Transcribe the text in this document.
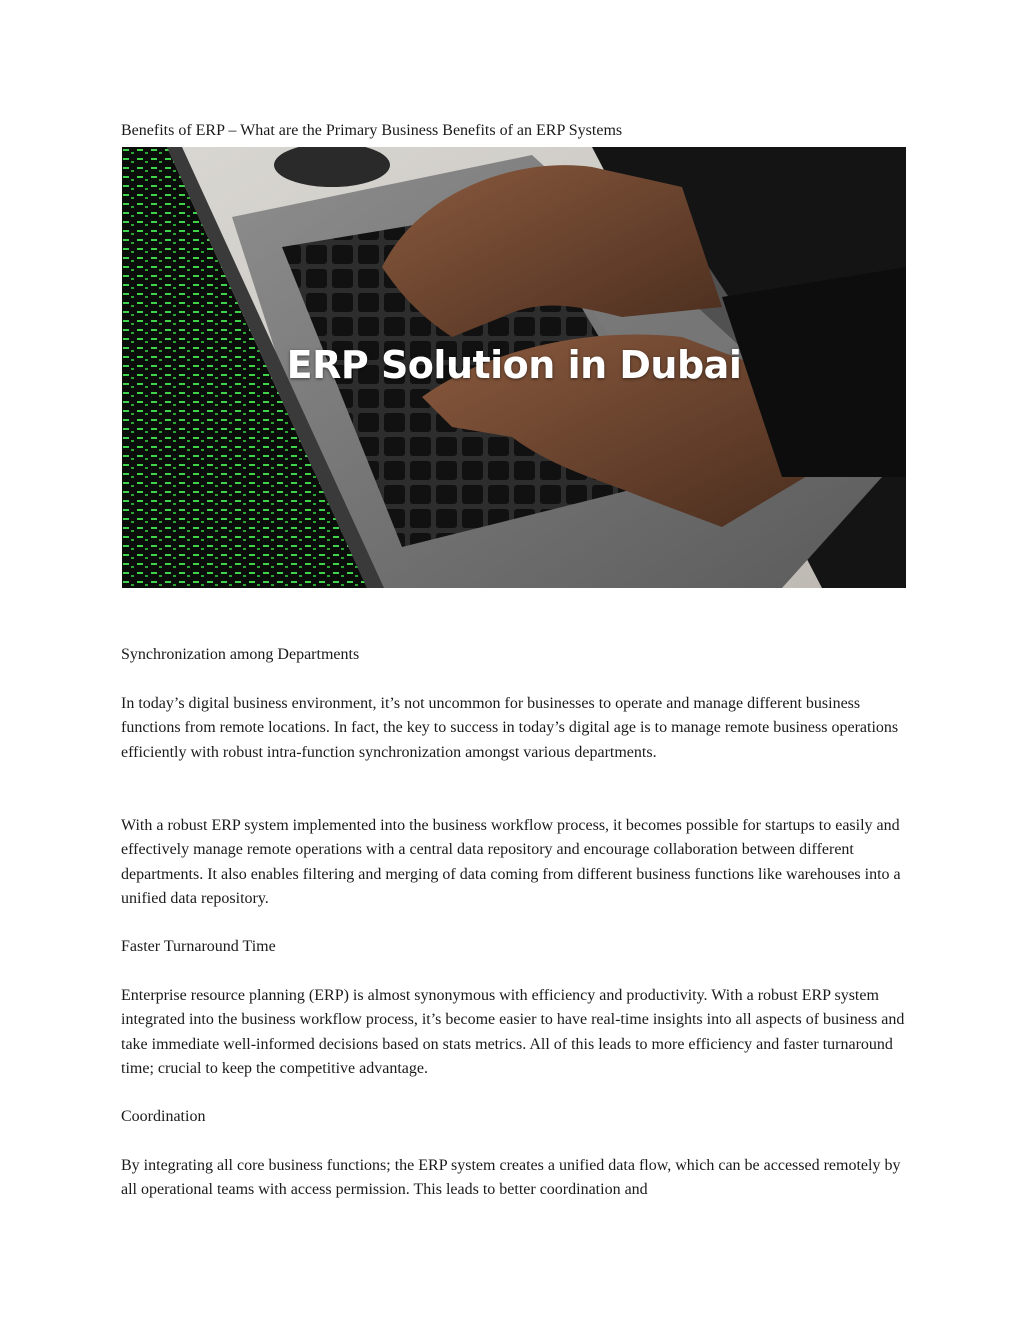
Benefits of ERP – What are the Primary Business Benefits of an ERP Systems
ERP Solution in Dubai
Synchronization among Departments

In today’s digital business environment, it’s not uncommon for businesses to operate and manage different business functions from remote locations. In fact, the key to success in today’s digital age is to manage remote business operations efficiently with robust intra-function synchronization amongst various departments.

With a robust ERP system implemented into the business workflow process, it becomes possible for startups to easily and effectively manage remote operations with a central data repository and encourage collaboration between different departments. It also enables filtering and merging of data coming from different business functions like warehouses into a unified data repository.

Faster Turnaround Time

Enterprise resource planning (ERP) is almost synonymous with efficiency and productivity. With a robust ERP system integrated into the business workflow process, it’s become easier to have real-time insights into all aspects of business and take immediate well-informed decisions based on stats metrics. All of this leads to more efficiency and faster turnaround time; crucial to keep the competitive advantage.

Coordination

By integrating all core business functions; the ERP system creates a unified data flow, which can be accessed remotely by all operational teams with access permission. This leads to better coordination and
